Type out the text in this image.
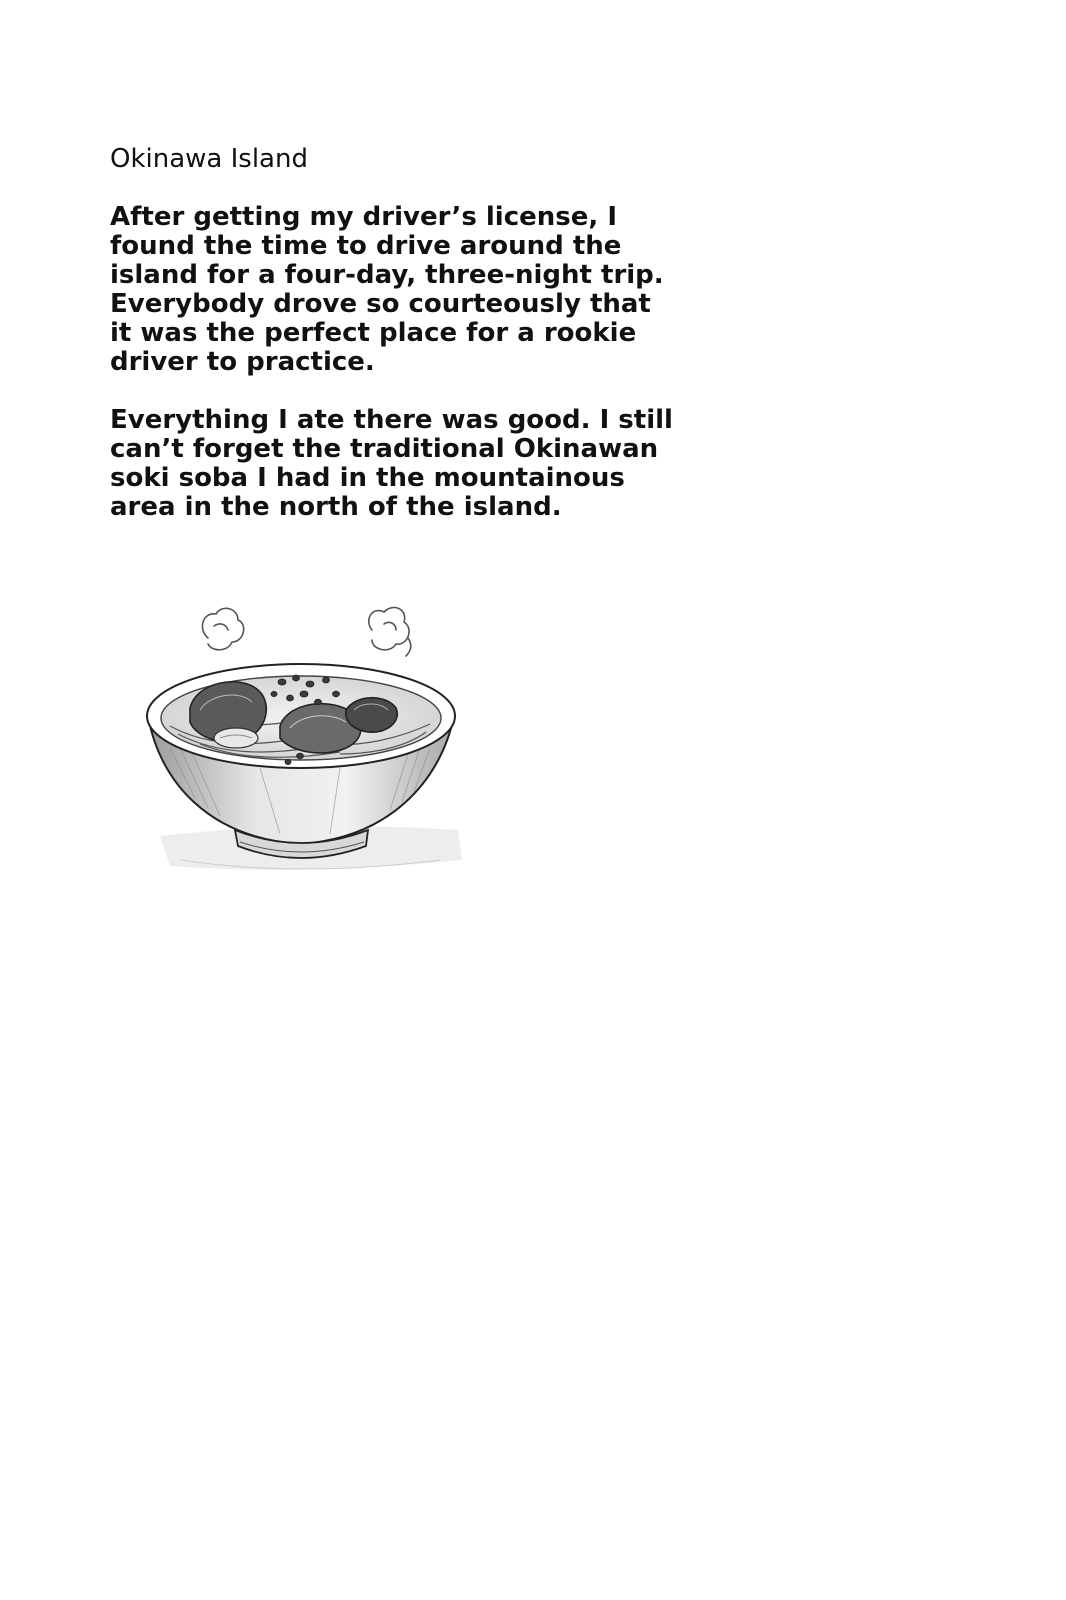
Okinawa Island

After getting my driver’s license, I
found the time to drive around the
island for a four-day, three-night trip.
Everybody drove so courteously that
it was the perfect place for a rookie
driver to practice.

Everything I ate there was good. I still
can’t forget the traditional Okinawan
soki soba I had in the mountainous
area in the north of the island.
